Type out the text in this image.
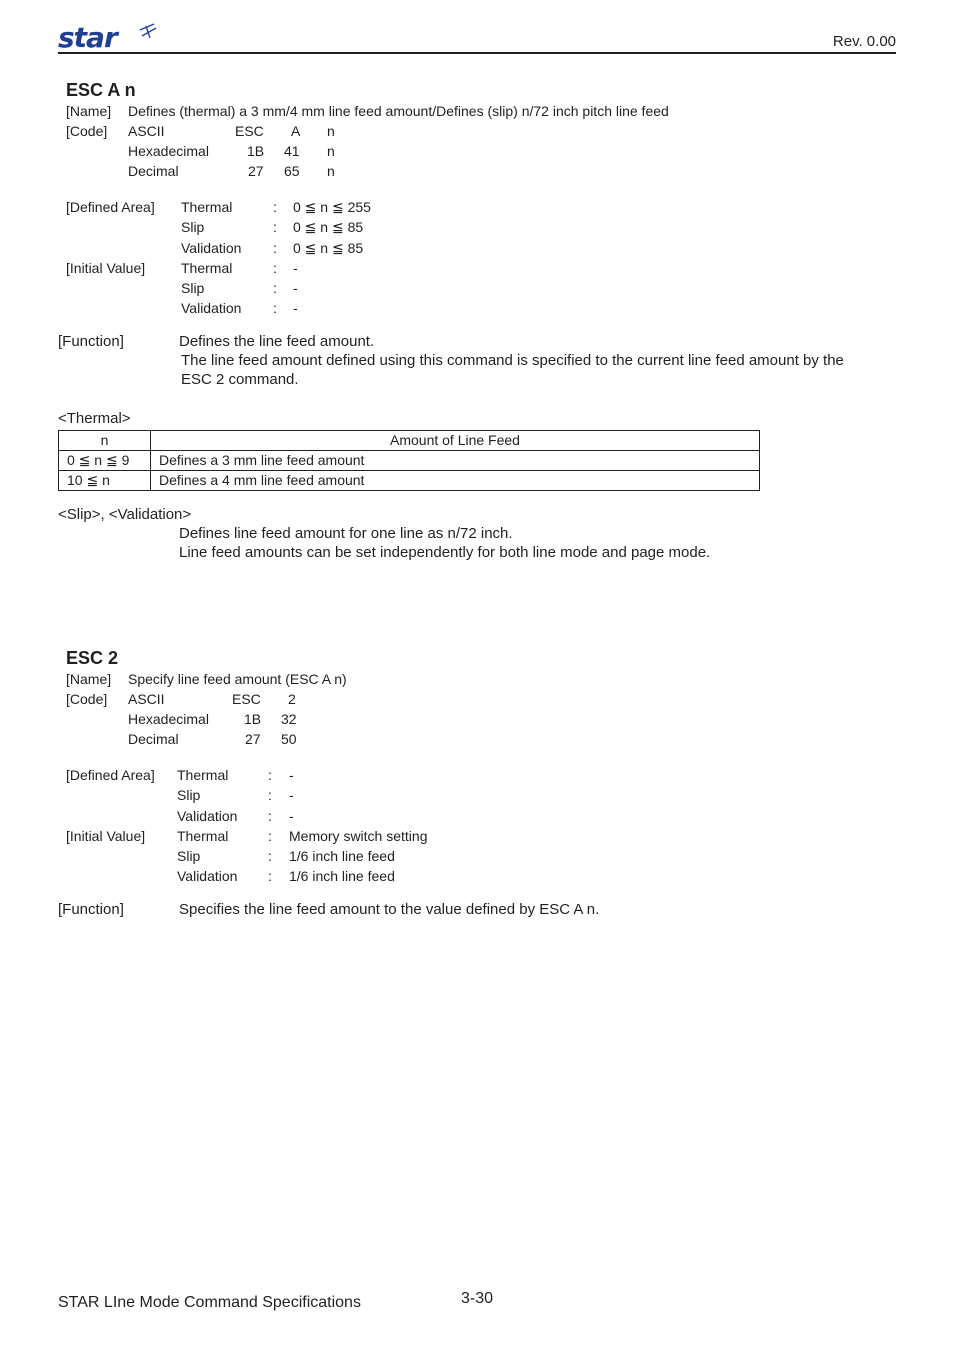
star	Rev. 0.00
ESC A n
[Name] Defines (thermal) a 3 mm/4 mm line feed amount/Defines (slip) n/72 inch pitch line feed
[Code] ASCII	ESC A n
Hexadecimal	1B 41 n
Decimal	27 65 n
[Defined Area] Thermal	: 0 ≦ n ≦ 255
Slip	: 0 ≦ n ≦ 85
Validation : 0 ≦ n ≦ 85
[Initial Value]	Thermal	: -
Slip	: -
Validation : -
[Function]	Defines the line feed amount.
The line feed amount defined using this command is specified to the current line feed amount by the
ESC 2 command.
<Thermal>
n	Amount of Line Feed
0 ≦ n ≦ 9	Defines a 3 mm line feed amount
10 ≦ n	Defines a 4 mm line feed amount
<Slip>, <Validation>
Defines line feed amount for one line as n/72 inch.
Line feed amounts can be set independently for both line mode and page mode.
ESC 2
[Name] Specify line feed amount (ESC A n)
[Code] ASCII	ESC 2
Hexadecimal	1B 32
Decimal	27 50
[Defined Area] Thermal	: -
Slip	: -
Validation : -
[Initial Value] Thermal	: Memory switch setting
Slip	: 1/6 inch line feed
Validation : 1/6 inch line feed
[Function]	Specifies the line feed amount to the value defined by ESC A n.
STAR LIne Mode Command Specifications	3-30
